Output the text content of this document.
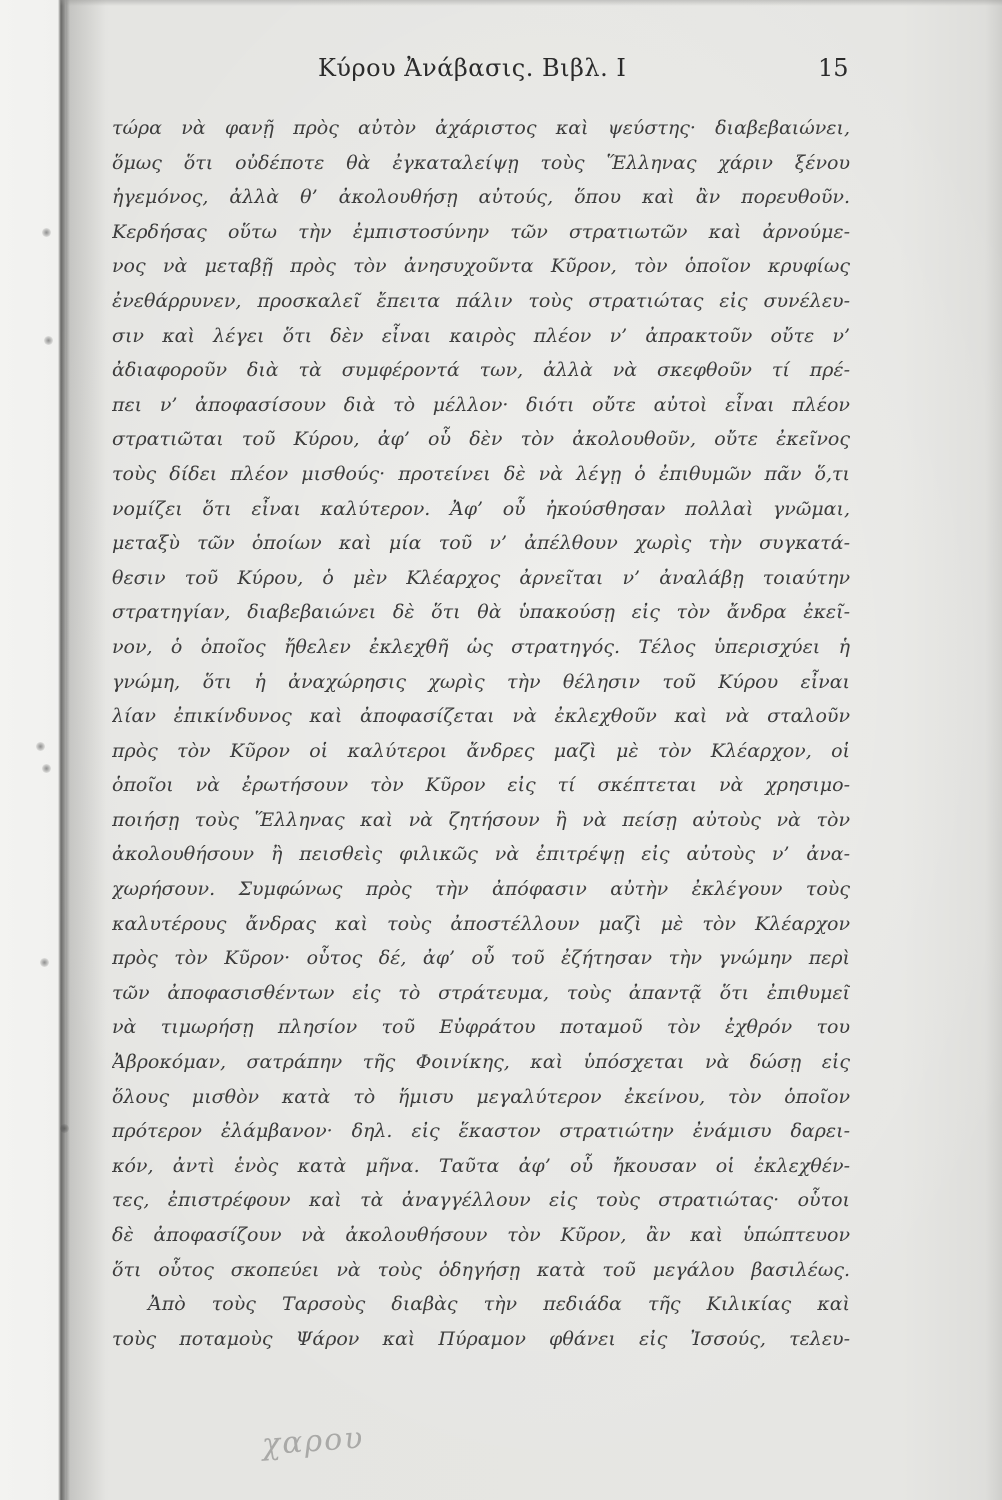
Κύρου Ἀνάβασις. Βιβλ. Ι	15
τώρα νὰ φανῇ πρὸς αὐτὸν ἀχάριστος καὶ ψεύστης· διαβεβαιώνει,
ὅμως ὅτι οὐδέποτε θὰ ἐγκαταλείψῃ τοὺς Ἕλληνας χάριν ξένου
ἡγεμόνος, ἀλλὰ θ’ ἀκολουθήσῃ αὐτούς, ὅπου καὶ ἂν πορευθοῦν.
Κερδήσας οὕτω τὴν ἐμπιστοσύνην τῶν στρατιωτῶν καὶ ἀρνούμε-
νος νὰ μεταβῇ πρὸς τὸν ἀνησυχοῦντα Κῦρον, τὸν ὁποῖον κρυφίως
ἐνεθάρρυνεν, προσκαλεῖ ἔπειτα πάλιν τοὺς στρατιώτας εἰς συνέλευ-
σιν καὶ λέγει ὅτι δὲν εἶναι καιρὸς πλέον ν’ ἀπρακτοῦν οὔτε ν’
ἀδιαφοροῦν διὰ τὰ συμφέροντά των, ἀλλὰ νὰ σκεφθοῦν τί πρέ-
πει ν’ ἀποφασίσουν διὰ τὸ μέλλον· διότι οὔτε αὐτοὶ εἶναι πλέον
στρατιῶται τοῦ Κύρου, ἀφ’ οὗ δὲν τὸν ἀκολουθοῦν, οὔτε ἐκεῖνος
τοὺς δίδει πλέον μισθούς· προτείνει δὲ νὰ λέγῃ ὁ ἐπιθυμῶν πᾶν ὅ,τι
νομίζει ὅτι εἶναι καλύτερον. Ἀφ’ οὗ ἠκούσθησαν πολλαὶ γνῶμαι,
μεταξὺ τῶν ὁποίων καὶ μία τοῦ ν’ ἀπέλθουν χωρὶς τὴν συγκατά-
θεσιν τοῦ Κύρου, ὁ μὲν Κλέαρχος ἀρνεῖται ν’ ἀναλάβῃ τοιαύτην
στρατηγίαν, διαβεβαιώνει δὲ ὅτι θὰ ὑπακούσῃ εἰς τὸν ἄνδρα ἐκεῖ-
νον, ὁ ὁποῖος ἤθελεν ἐκλεχθῆ ὡς στρατηγός. Τέλος ὑπερισχύει ἡ
γνώμη, ὅτι ἡ ἀναχώρησις χωρὶς τὴν θέλησιν τοῦ Κύρου εἶναι
λίαν ἐπικίνδυνος καὶ ἀποφασίζεται νὰ ἐκλεχθοῦν καὶ νὰ σταλοῦν
πρὸς τὸν Κῦρον οἱ καλύτεροι ἄνδρες μαζὶ μὲ τὸν Κλέαρχον, οἱ
ὁποῖοι νὰ ἐρωτήσουν τὸν Κῦρον εἰς τί σκέπτεται νὰ χρησιμο-
ποιήσῃ τοὺς Ἕλληνας καὶ νὰ ζητήσουν ἢ νὰ πείσῃ αὐτοὺς νὰ τὸν
ἀκολουθήσουν ἢ πεισθεὶς φιλικῶς νὰ ἐπιτρέψῃ εἰς αὐτοὺς ν’ ἀνα-
χωρήσουν. Συμφώνως πρὸς τὴν ἀπόφασιν αὐτὴν ἐκλέγουν τοὺς
καλυτέρους ἄνδρας καὶ τοὺς ἀποστέλλουν μαζὶ μὲ τὸν Κλέαρχον
πρὸς τὸν Κῦρον· οὗτος δέ, ἀφ’ οὗ τοῦ ἐζήτησαν τὴν γνώμην περὶ
τῶν ἀποφασισθέντων εἰς τὸ στράτευμα, τοὺς ἀπαντᾷ ὅτι ἐπιθυμεῖ
νὰ τιμωρήσῃ πλησίον τοῦ Εὐφράτου ποταμοῦ τὸν ἐχθρόν του
Ἀβροκόμαν, σατράπην τῆς Φοινίκης, καὶ ὑπόσχεται νὰ δώσῃ εἰς
ὅλους μισθὸν κατὰ τὸ ἥμισυ μεγαλύτερον ἐκείνου, τὸν ὁποῖον
πρότερον ἐλάμβανον· δηλ. εἰς ἕκαστον στρατιώτην ἐνάμισυ δαρει-
κόν, ἀντὶ ἑνὸς κατὰ μῆνα. Ταῦτα ἀφ’ οὗ ἤκουσαν οἱ ἐκλεχθέν-
τες, ἐπιστρέφουν καὶ τὰ ἀναγγέλλουν εἰς τοὺς στρατιώτας· οὗτοι
δὲ ἀποφασίζουν νὰ ἀκολουθήσουν τὸν Κῦρον, ἂν καὶ ὑπώπτευον
ὅτι οὗτος σκοπεύει νὰ τοὺς ὁδηγήσῃ κατὰ τοῦ μεγάλου βασιλέως.
Ἀπὸ τοὺς Ταρσοὺς διαβὰς τὴν πεδιάδα τῆς Κιλικίας καὶ
τοὺς ποταμοὺς Ψάρον καὶ Πύραμον φθάνει εἰς Ἰσσούς, τελευ-
χαρου
